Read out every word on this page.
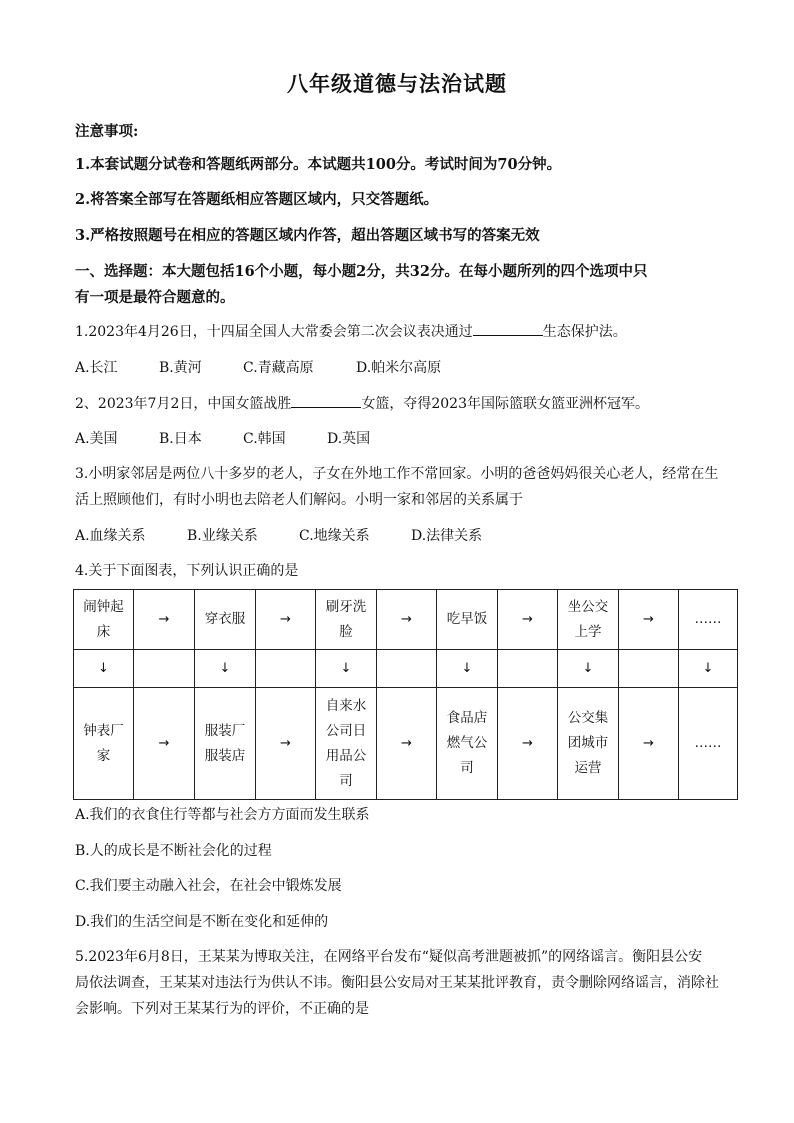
八年级道德与法治试题
注意事项:
1.本套试题分试卷和答题纸两部分。本试题共100分。考试时间为70分钟。
2.将答案全部写在答题纸相应答题区域内，只交答题纸。
3.严格按照题号在相应的答题区域内作答，超出答题区域书写的答案无效
一、选择题：本大题包括16个小题，每小题2分，共32分。在每小题所列的四个选项中只
有一项是最符合题意的。
1.2023年4月26日，十四届全国人大常委会第二次会议表决通过	生态保护法。
A.长江	B.黄河	C.青藏高原	D.帕米尔高原
2、2023年7月2日，中国女篮战胜	女篮，夺得2023年国际篮联女篮亚洲杯冠军。
A.美国	B.日本	C.韩国	D.英国
3.小明家邻居是两位八十多岁的老人，子女在外地工作不常回家。小明的爸爸妈妈很关心老人，经常在生
活上照顾他们，有时小明也去陪老人们解闷。小明一家和邻居的关系属于
A.血缘关系	B.业缘关系	C.地缘关系	D.法律关系
4.关于下面图表，下列认识正确的是
闹钟起床	→	穿衣服	→	刷牙洗脸	→	吃早饭	→	坐公交上学	→	……
↓		↓		↓		↓		↓		↓
钟表厂家	→	服装厂服装店	→	自来水公司日用品公司	→	食品店燃气公司	→	公交集团城市运营	→	……
A.我们的衣食住行等都与社会方方面而发生联系
B.人的成长是不断社会化的过程
C.我们要主动融入社会，在社会中锻炼发展
D.我们的生活空间是不断在变化和延伸的
5.2023年6月8日，王某某为博取关注，在网络平台发布“疑似高考泄题被抓”的网络谣言。衡阳县公安
局依法调查，王某某对违法行为供认不讳。衡阳县公安局对王某某批评教育，责令删除网络谣言，消除社
会影响。下列对王某某行为的评价，不正确的是
